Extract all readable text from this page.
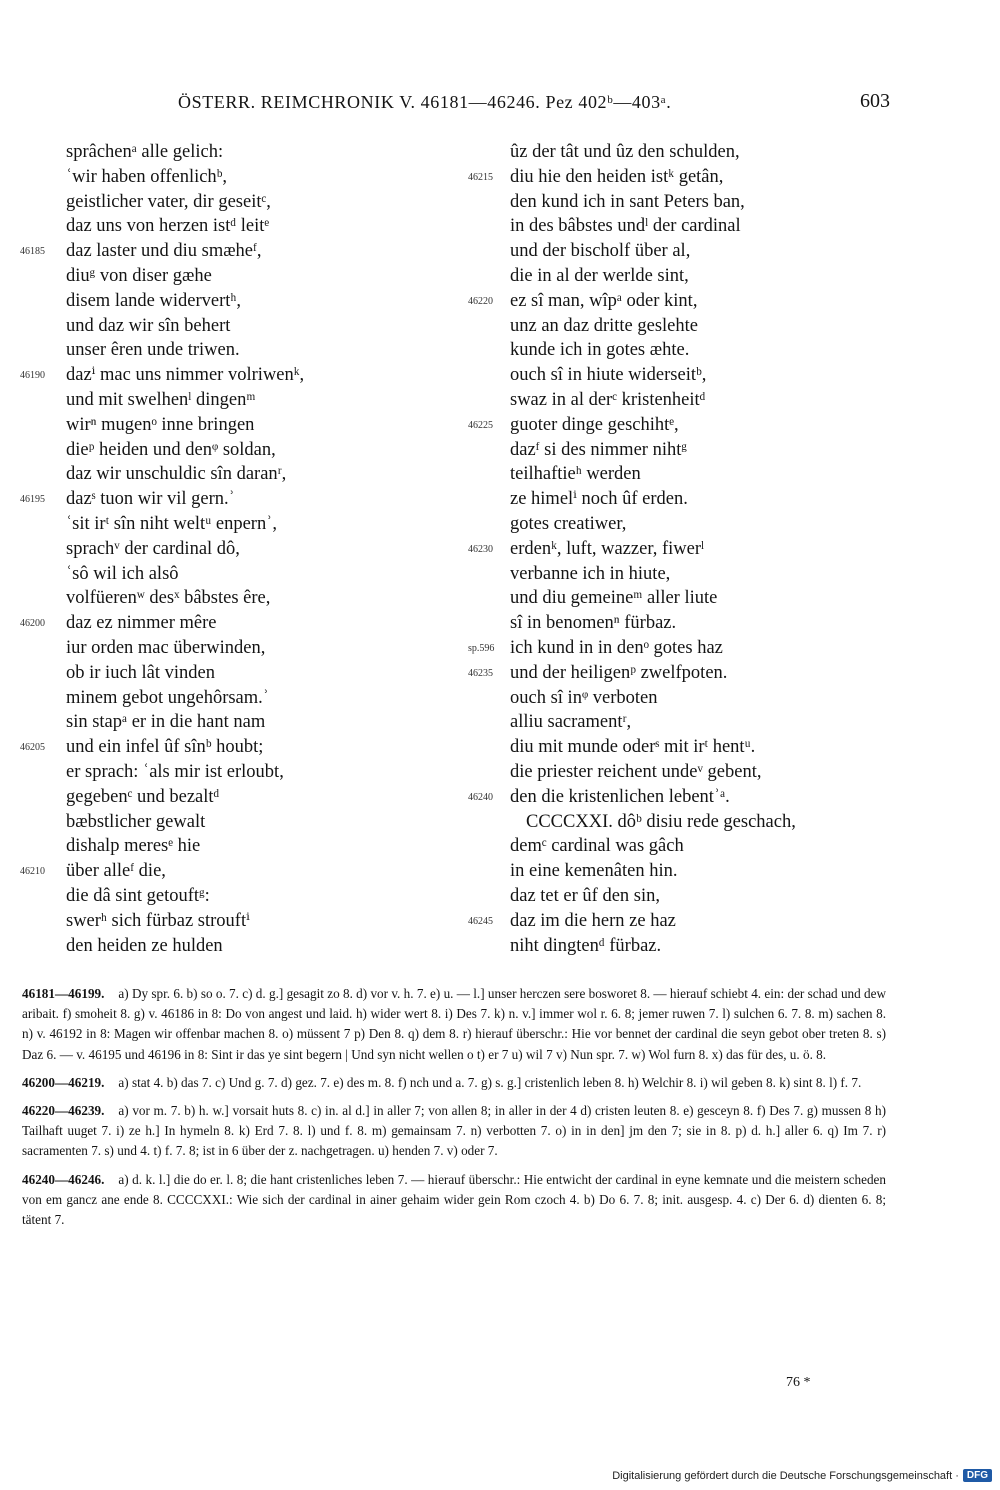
ÖSTERR. REIMCHRONIK V. 46181—46246. Pez 402ᵇ—403ᵃ.	603
sprâchenᵃ alle gelich:
ʿwir haben offenlichᵇ,
geistlicher vater, dir geseitᶜ,
daz uns von herzen istᵈ leitᵉ
46185 daz laster und diu smæheᶠ,
diuᵍ von diser gæhe
disem lande widervertʰ,
und daz wir sîn behert
unser êren unde triwen.
46190 dazⁱ mac uns nimmer volriwenᵏ,
und mit swelhenˡ dingenᵐ
wirⁿ mugenᵒ inne bringen
dieᵖ heiden und denᵠ soldan,
daz wir unschuldic sîn daranʳ,
46195 dazˢ tuon wir vil gern.ʾ
ʿsit irᵗ sîn niht weltᵘ enpernʾ,
sprachᵛ der cardinal dô,
ʿsô wil ich alsô
volfüerenʷ desˣ bâbstes êre,
46200 daz ez nimmer mêre
iur orden mac überwinden,
ob ir iuch lât vinden
minem gebot ungehôrsam.ʾ
sin stapᵃ er in die hant nam
46205 und ein infel ûf sînᵇ houbt;
er sprach: ʿals mir ist erloubt,
gegebenᶜ und bezaltᵈ
bæbstlicher gewalt
dishalp meresᵉ hie
46210 über alleᶠ die,
die dâ sint getouftᵍ:
swerʰ sich fürbaz strouftⁱ
den heiden ze hulden
ûz der tât und ûz den schulden,
46215 diu hie den heiden istᵏ getân,
den kund ich in sant Peters ban,
in des bâbstes undˡ der cardinal
und der bischolf über al,
die in al der werlde sint,
46220 ez sî man, wîpᵃ oder kint,
unz an daz dritte geslehte
kunde ich in gotes æhte.
ouch sî in hiute widerseitᵇ,
swaz in al derᶜ kristenheitᵈ
46225 guoter dinge geschihtᵉ,
dazᶠ si des nimmer nihtᵍ
teilhaftieʰ werden
ze himelⁱ noch ûf erden.
gotes creatiwer,
46230 erdenᵏ, luft, wazzer, fiwerˡ
verbanne ich in hiute,
und diu gemeineᵐ aller liute
sî in benomenⁿ fürbaz.
sp.596 ich kund in in denᵒ gotes haz
46235 und der heiligenᵖ zwelfpoten.
ouch sî inᵠ verboten
alliu sacramentʳ,
diu mit munde oderˢ mit irᵗ hentᵘ.
die priester reichent undeᵛ gebent,
46240 den die kristenlichen lebentʾᵃ.
CCCCXXI. dôᵇ disiu rede geschach,
demᶜ cardinal was gâch
in eine kemenâten hin.
daz tet er ûf den sin,
46245 daz im die hern ze haz
niht dingtenᵈ fürbaz.

46181—46199. a) Dy spr. 6. b) so o. 7. c) d. g.] gesagit zo 8. d) vor v. h. 7. e) u. — l.] unser herczen sere bosworet 8. — hierauf schiebt 4. ein: der schad und dew aribait. f) smoheit 8. g) v. 46186 in 8: Do von angest und laid. h) wider wert 8. i) Des 7. k) n. v.] immer wol r. 6. 8; jemer ruwen 7. l) sulchen 6. 7. 8. m) sachen 8. n) v. 46192 in 8: Magen wir offenbar machen 8. o) müssent 7 p) Den 8. q) dem 8. r) hierauf überschr.: Hie vor bennet der cardinal die seyn gebot ober treten 8. s) Daz 6. — v. 46195 und 46196 in 8: Sint ir das ye sint begern | Und syn nicht wellen o t) er 7 u) wil 7 v) Nun spr. 7. w) Wol furn 8. x) das für des, u. ö. 8.

46200—46219. a) stat 4. b) das 7. c) Und g. 7. d) gez. 7. e) des m. 8. f) nch und a. 7. g) s. g.] cristenlich leben 8. h) Welchir 8. i) wil geben 8. k) sint 8. l) f. 7.

46220—46239. a) vor m. 7. b) h. w.] vorsait huts 8. c) in. al d.] in aller 7; von allen 8; in aller in der 4 d) cristen leuten 8. e) gesceyn 8. f) Des 7. g) mussen 8 h) Tailhaft uuget 7. i) ze h.] In hymeln 8. k) Erd 7. 8. l) und f. 8. m) gemainsam 7. n) verbotten 7. o) in in den] jm den 7; sie in 8. p) d. h.] aller 6. q) Im 7. r) sacramenten 7. s) und 4. t) f. 7. 8; ist in 6 über der z. nachgetragen. u) henden 7. v) oder 7.

46240—46246. a) d. k. l.] die do er. l. 8; die hant cristenliches leben 7. — hierauf überschr.: Hie entwicht der cardinal in eyne kemnate und die meistern scheden von em gancz ane ende 8. CCCCXXI.: Wie sich der cardinal in ainer gehaim wider gein Rom czoch 4. b) Do 6. 7. 8; init. ausgesp. 4. c) Der 6. d) dienten 6. 8; tätent 7.

76 *
Digitalisierung gefördert durch die Deutsche Forschungsgemeinschaft · DFG
